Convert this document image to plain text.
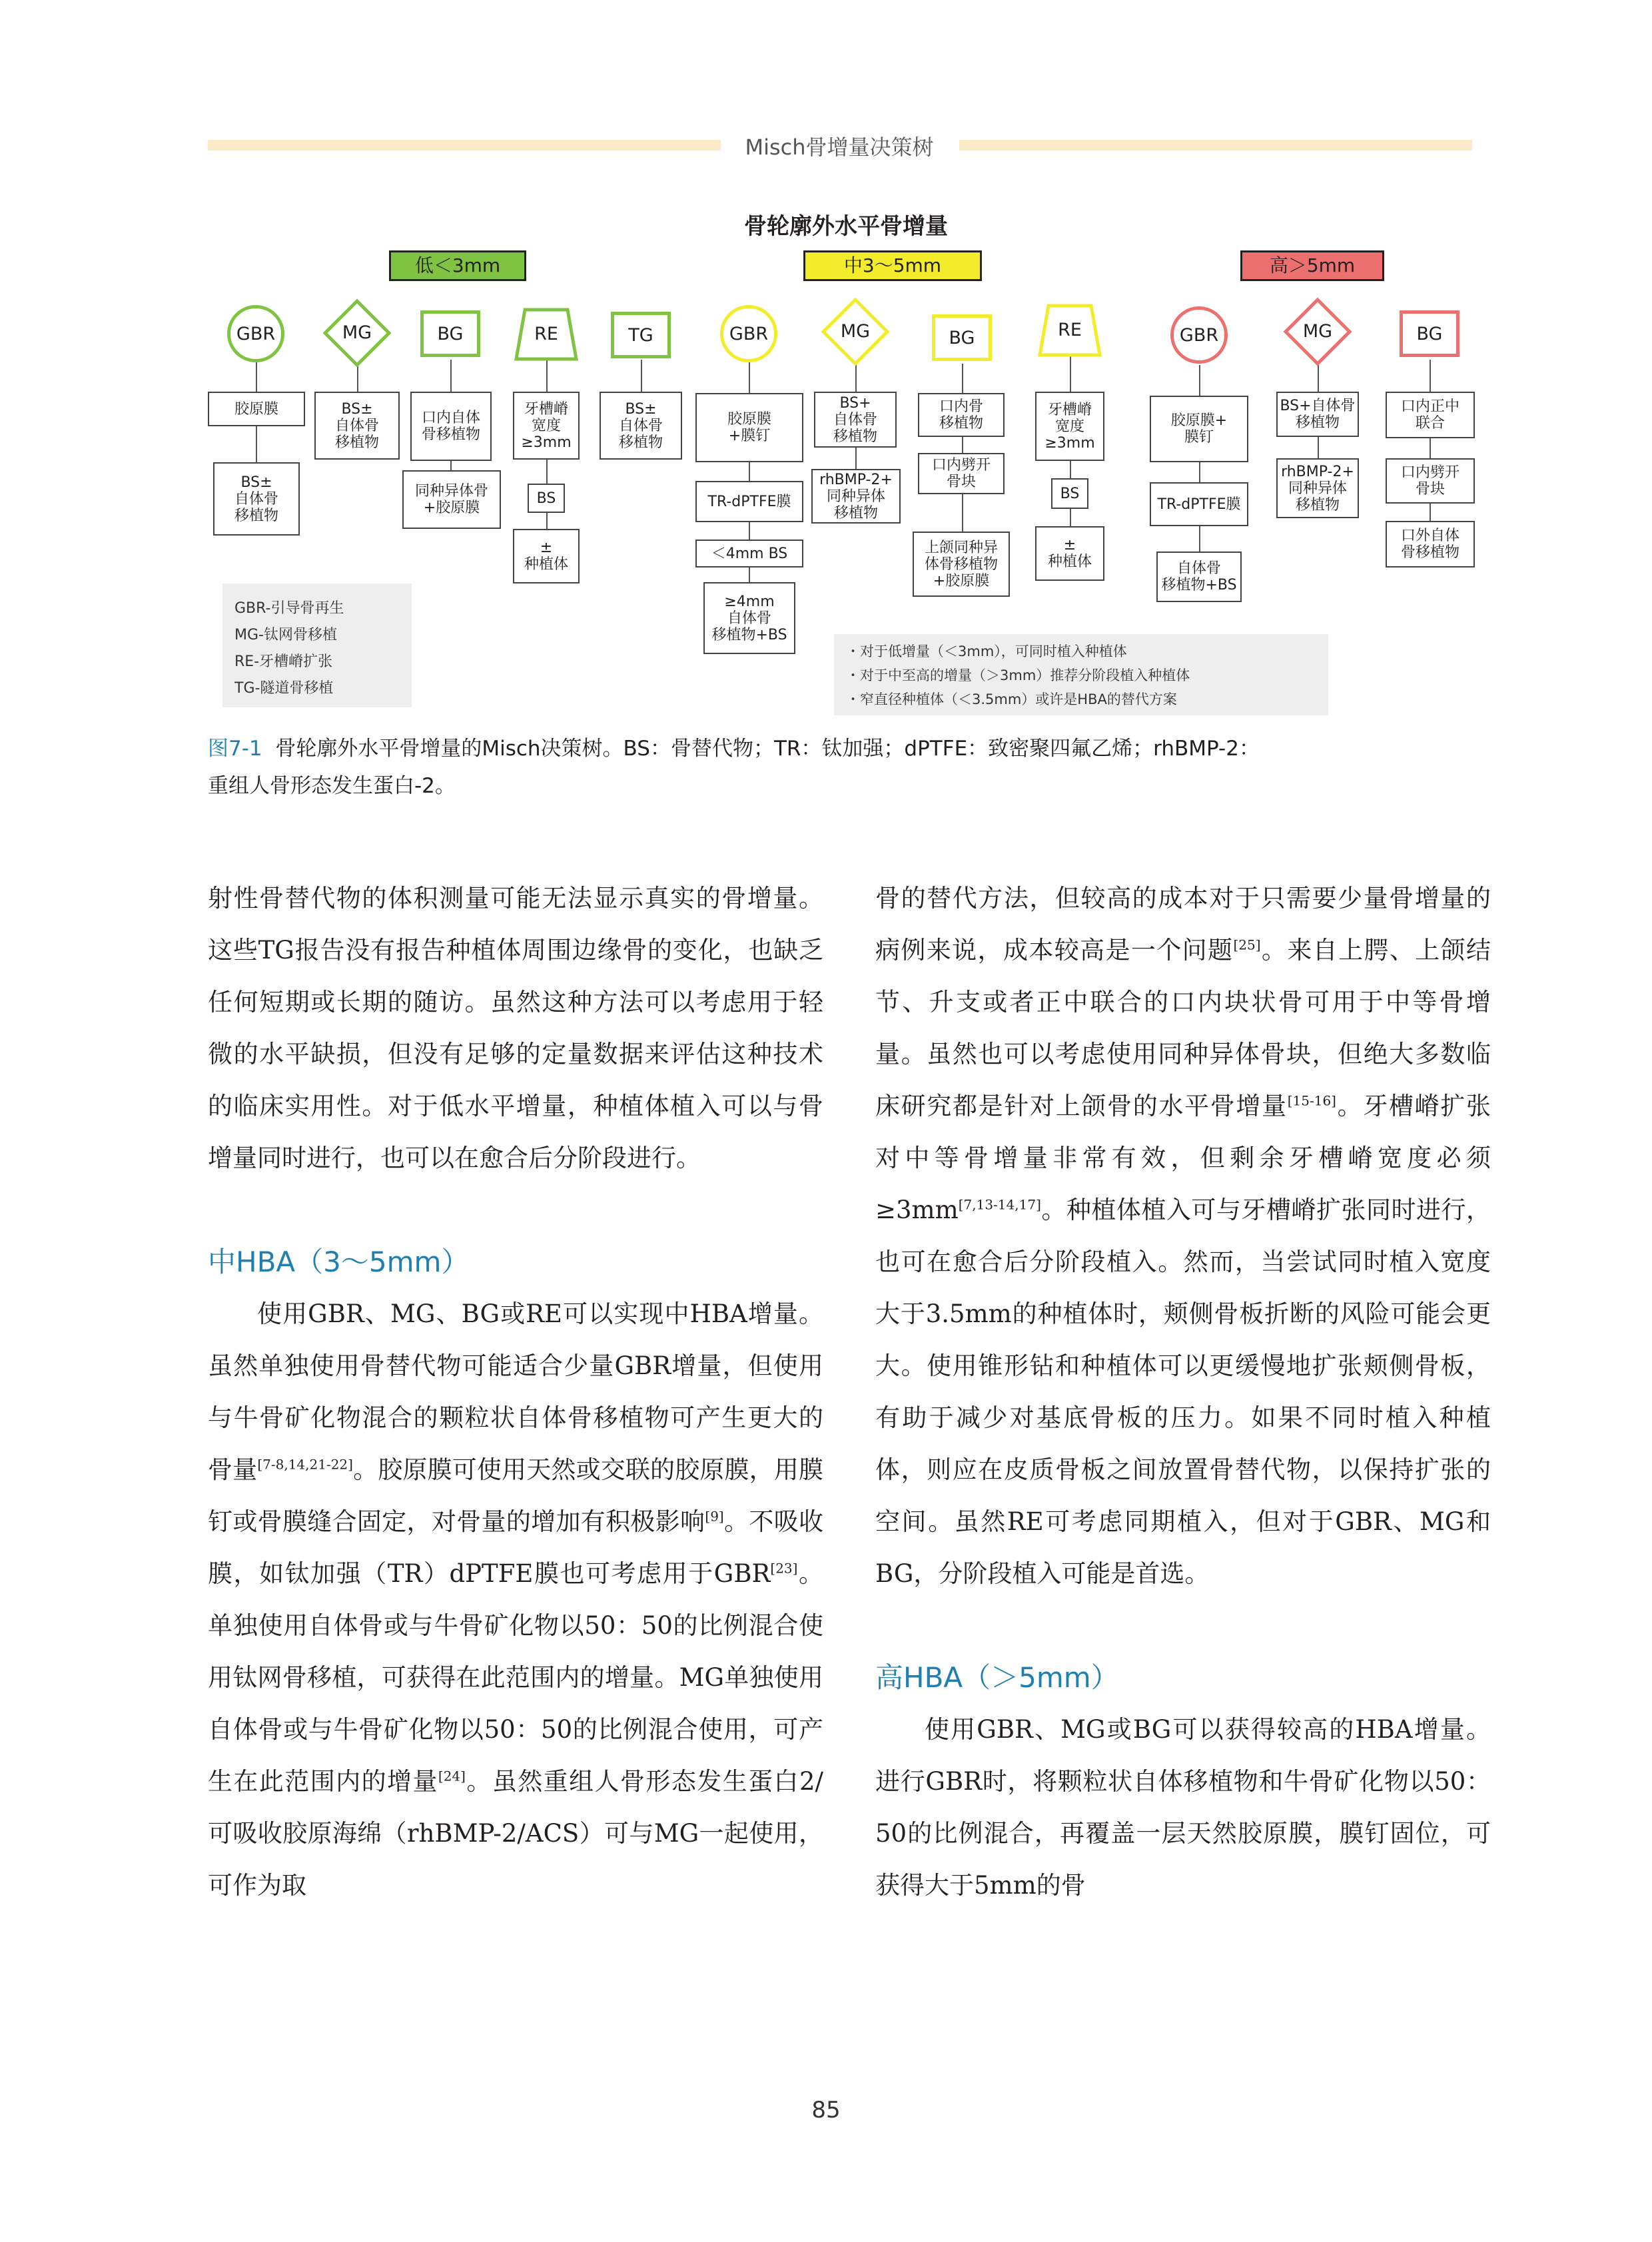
Misch骨增量决策树
骨轮廓外水平骨增量
低＜3mm	中3～5mm	高＞5mm
GBR	MG	BG	RE	TG
胶原膜
BS±
自体骨
移植物
BS±
自体骨
移植物
口内自体
骨移植物
同种异体骨
+胶原膜
牙槽嵴
宽度
≥3mm
BS
±
种植体
BS±
自体骨
移植物
GBR	MG	BG	RE
胶原膜
+膜钉
TR-dPTFE膜
＜4mm BS
≥4mm
自体骨
移植物+BS
BS+
自体骨
移植物
rhBMP-2+
同种异体
移植物
口内骨
移植物
口内劈开
骨块
上颌同种异
体骨移植物
+胶原膜
牙槽嵴
宽度
≥3mm
BS
±
种植体
GBR	MG	BG
胶原膜+
膜钉
TR-dPTFE膜
自体骨
移植物+BS
BS+自体骨
移植物
rhBMP-2+
同种异体
移植物
口内正中
联合
口内劈开
骨块
口外自体
骨移植物
GBR-引导骨再生
MG-钛网骨移植
RE-牙槽嵴扩张
TG-隧道骨移植
・对于低增量（＜3mm），可同时植入种植体
・对于中至高的增量（＞3mm）推荐分阶段植入种植体
・窄直径种植体（＜3.5mm）或许是HBA的替代方案
图7-1 骨轮廓外水平骨增量的Misch决策树。BS：骨替代物；TR：钛加强；dPTFE：致密聚四氟乙烯；rhBMP-2：
重组人骨形态发生蛋白-2。

射性骨替代物的体积测量可能无法显示真实的骨增量。这些TG报告没有报告种植体周围边缘骨的变化，也缺乏任何短期或长期的随访。虽然这种方法可以考虑用于轻微的水平缺损，但没有足够的定量数据来评估这种技术的临床实用性。对于低水平增量，种植体植入可以与骨增量同时进行，也可以在愈合后分阶段进行。

中HBA（3～5mm）

使用GBR、MG、BG或RE可以实现中HBA增量。虽然单独使用骨替代物可能适合少量GBR增量，但使用与牛骨矿化物混合的颗粒状自体骨移植物可产生更大的骨量[7-8,14,21-22]。胶原膜可使用天然或交联的胶原膜，用膜钉或骨膜缝合固定，对骨量的增加有积极影响[9]。不吸收膜，如钛加强（TR）dPTFE膜也可考虑用于GBR[23]。单独使用自体骨或与牛骨矿化物以50：50的比例混合使用钛网骨移植，可获得在此范围内的增量。MG单独使用自体骨或与牛骨矿化物以50：50的比例混合使用，可产生在此范围内的增量[24]。虽然重组人骨形态发生蛋白2/可吸收胶原海绵（rhBMP-2/ACS）可与MG一起使用，可作为取

骨的替代方法，但较高的成本对于只需要少量骨增量的病例来说，成本较高是一个问题[25]。来自上腭、上颌结节、升支或者正中联合的口内块状骨可用于中等骨增量。虽然也可以考虑使用同种异体骨块，但绝大多数临床研究都是针对上颌骨的水平骨增量[15-16]。牙槽嵴扩张对中等骨增量非常有效，但剩余牙槽嵴宽度必须≥3mm[7,13-14,17]。种植体植入可与牙槽嵴扩张同时进行，也可在愈合后分阶段植入。然而，当尝试同时植入宽度大于3.5mm的种植体时，颊侧骨板折断的风险可能会更大。使用锥形钻和种植体可以更缓慢地扩张颊侧骨板，有助于减少对基底骨板的压力。如果不同时植入种植体，则应在皮质骨板之间放置骨替代物，以保持扩张的空间。虽然RE可考虑同期植入，但对于GBR、MG和BG，分阶段植入可能是首选。

高HBA（＞5mm）

使用GBR、MG或BG可以获得较高的HBA增量。进行GBR时，将颗粒状自体移植物和牛骨矿化物以50：50的比例混合，再覆盖一层天然胶原膜，膜钉固位，可获得大于5mm的骨

85
